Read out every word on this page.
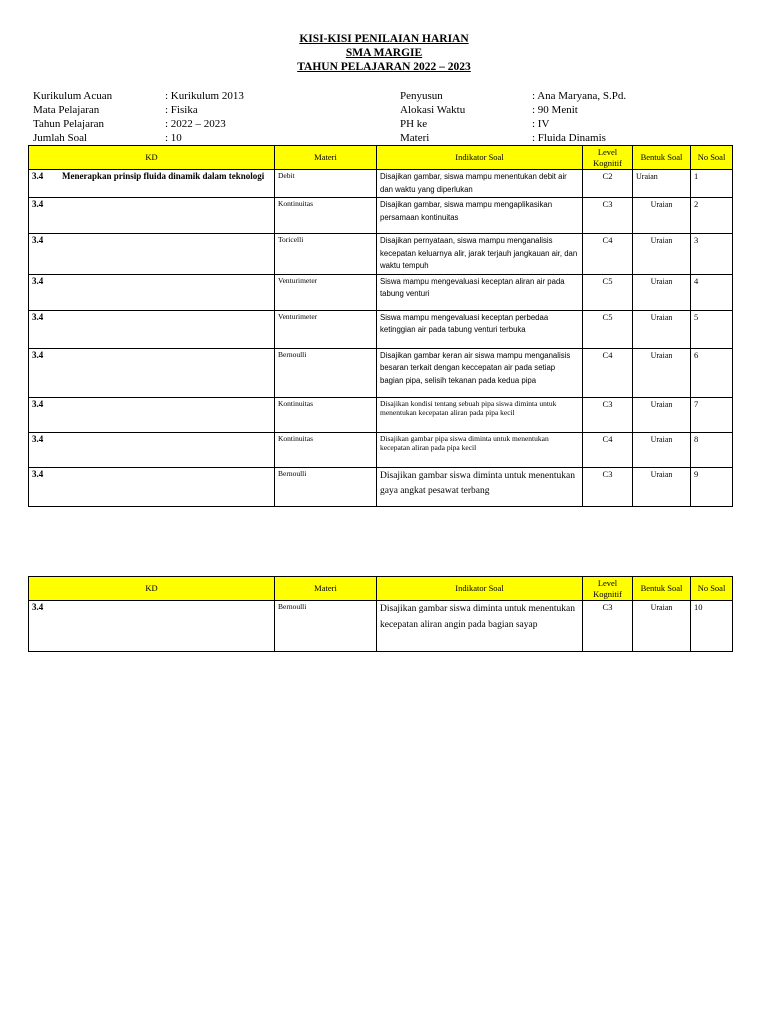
KISI-KISI PENILAIAN HARIAN
SMA MARGIE
TAHUN PELAJARAN 2022 – 2023
Kurikulum Acuan	: Kurikulum 2013
Mata Pelajaran	: Fisika
Tahun Pelajaran	: 2022 – 2023
Jumlah Soal	: 10
Penyusun	: Ana Maryana, S.Pd.
Alokasi Waktu	: 90 Menit
PH ke	: IV
Materi	: Fluida Dinamis
KD	Materi	Indikator Soal	Level Kognitif	Bentuk Soal	No Soal
3.4 Menerapkan prinsip fluida dinamik dalam teknologi	Debit	Disajikan gambar, siswa mampu menentukan debit air dan waktu yang diperlukan	C2	Uraian	1
3.4	Kontinuitas	Disajikan gambar, siswa mampu mengaplikasikan persamaan kontinuitas	C3	Uraian	2
3.4	Toricelli	Disajikan pernyataan, siswa mampu menganalisis kecepatan keluarnya alir, jarak terjauh jangkauan air, dan waktu tempuh	C4	Uraian	3
3.4	Venturimeter	Siswa mampu mengevaluasi keceptan aliran air pada tabung venturi	C5	Uraian	4
3.4	Venturimeter	Siswa mampu mengevaluasi keceptan perbedaa ketinggian air pada tabung venturi terbuka	C5	Uraian	5
3.4	Bernoulli	Disajikan gambar keran air siswa mampu menganalisis besaran terkait dengan keccepatan air pada setiap bagian pipa, selisih tekanan pada kedua pipa	C4	Uraian	6
3.4	Kontinuitas	Disajikan kondisi tentang sebuah pipa siswa diminta untuk menentukan kecepatan aliran pada pipa kecil	C3	Uraian	7
3.4	Kontinuitas	Disajikan gambar pipa siswa diminta untuk menentukan kecepatan aliran pada pipa kecil	C4	Uraian	8
3.4	Bernoulli	Disajikan gambar siswa diminta untuk menentukan gaya angkat pesawat terbang	C3	Uraian	9
KD	Materi	Indikator Soal	Level Kognitif	Bentuk Soal	No Soal
3.4	Bernoulli	Disajikan gambar siswa diminta untuk menentukan kecepatan aliran angin pada bagian sayap	C3	Uraian	10
